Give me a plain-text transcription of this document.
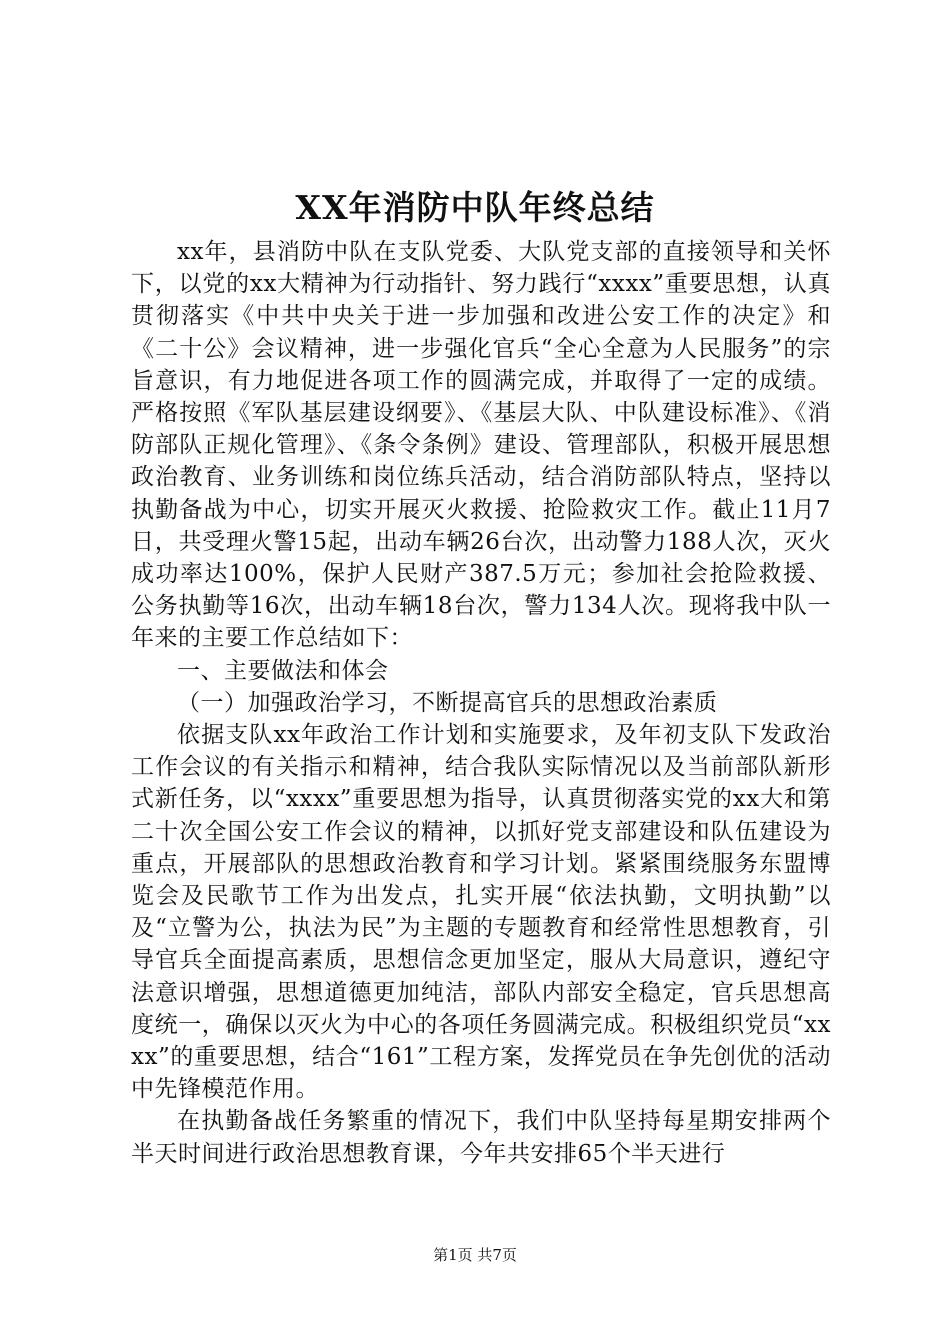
XX年消防中队年终总结

xx年，县消防中队在支队党委、大队党支部的直接领导和关怀下，以党的xx大精神为行动指针、努力践行“xxxx”重要思想，认真贯彻落实《中共中央关于进一步加强和改进公安工作的决定》和《二十公》会议精神，进一步强化官兵“全心全意为人民服务”的宗旨意识，有力地促进各项工作的圆满完成，并取得了一定的成绩。严格按照《军队基层建设纲要》、《基层大队、中队建设标准》、《消防部队正规化管理》、《条令条例》建设、管理部队，积极开展思想政治教育、业务训练和岗位练兵活动，结合消防部队特点，坚持以执勤备战为中心，切实开展灭火救援、抢险救灾工作。截止11月7日，共受理火警15起，出动车辆26台次，出动警力188人次，灭火成功率达100%，保护人民财产387.5万元；参加社会抢险救援、公务执勤等16次，出动车辆18台次，警力134人次。现将我中队一年来的主要工作总结如下：

一、主要做法和体会

（一）加强政治学习，不断提高官兵的思想政治素质

依据支队xx年政治工作计划和实施要求，及年初支队下发政治工作会议的有关指示和精神，结合我队实际情况以及当前部队新形式新任务，以“xxxx”重要思想为指导，认真贯彻落实党的xx大和第二十次全国公安工作会议的精神，以抓好党支部建设和队伍建设为重点，开展部队的思想政治教育和学习计划。紧紧围绕服务东盟博览会及民歌节工作为出发点，扎实开展“依法执勤，文明执勤”以及“立警为公，执法为民”为主题的专题教育和经常性思想教育，引导官兵全面提高素质，思想信念更加坚定，服从大局意识，遵纪守法意识增强，思想道德更加纯洁，部队内部安全稳定，官兵思想高度统一，确保以灭火为中心的各项任务圆满完成。积极组织党员“xxxx”的重要思想，结合“161”工程方案，发挥党员在争先创优的活动中先锋模范作用。

在执勤备战任务繁重的情况下，我们中队坚持每星期安排两个半天时间进行政治思想教育课，今年共安排65个半天进行

第1页 共7页
